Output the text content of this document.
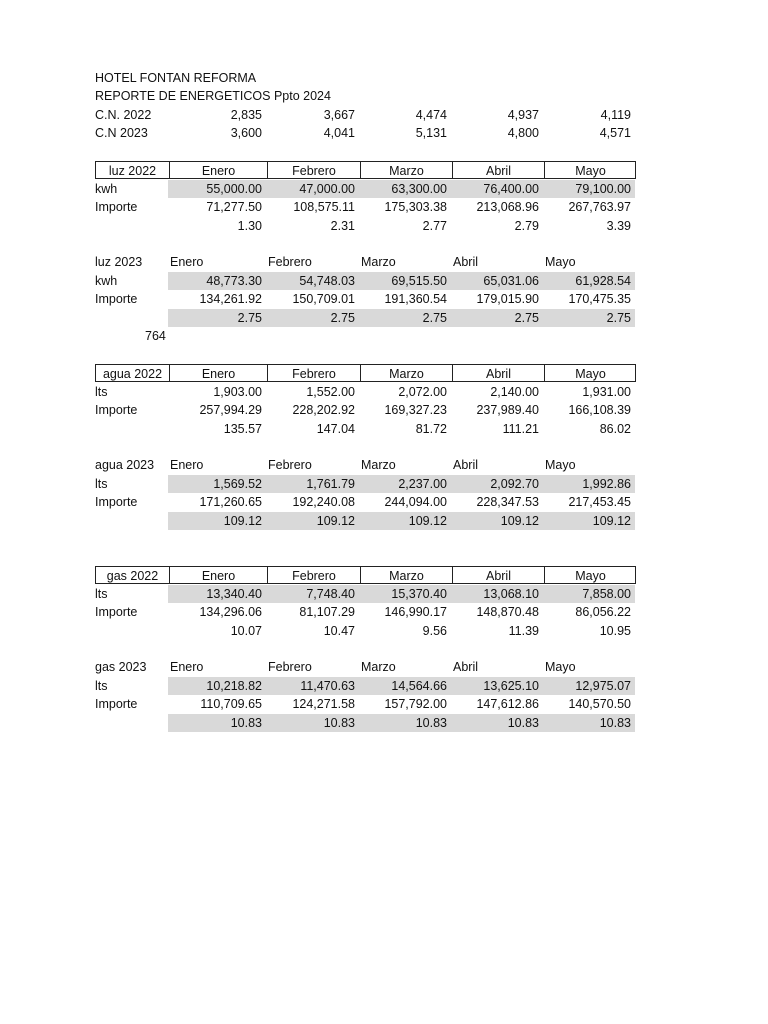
HOTEL FONTAN REFORMA
REPORTE DE ENERGETICOS Ppto 2024
C.N. 2022	2,835	3,667	4,474	4,937	4,119
C.N 2023	3,600	4,041	5,131	4,800	4,571
luz 2022	Enero	Febrero	Marzo	Abril	Mayo
kwh	55,000.00	47,000.00	63,300.00	76,400.00	79,100.00
Importe	71,277.50	108,575.11	175,303.38	213,068.96	267,763.97
1.30	2.31	2.77	2.79	3.39
luz 2023 Enero	Febrero	Marzo	Abril	Mayo
kwh	48,773.30	54,748.03	69,515.50	65,031.06	61,928.54
Importe	134,261.92	150,709.01	191,360.54	179,015.90	170,475.35
2.75	2.75	2.75	2.75	2.75
agua 2022	Enero	Febrero	Marzo	Abril	Mayo
lts	1,903.00	1,552.00	2,072.00	2,140.00	1,931.00
Importe	257,994.29	228,202.92	169,327.23	237,989.40	166,108.39
135.57	147.04	81.72	111.21	86.02
agua 2023 Enero	Febrero	Marzo	Abril	Mayo
lts	1,569.52	1,761.79	2,237.00	2,092.70	1,992.86
Importe	171,260.65	192,240.08	244,094.00	228,347.53	217,453.45
109.12	109.12	109.12	109.12	109.12
gas 2022	Enero	Febrero	Marzo	Abril	Mayo
lts	13,340.40	7,748.40	15,370.40	13,068.10	7,858.00
Importe	134,296.06	81,107.29	146,990.17	148,870.48	86,056.22
10.07	10.47	9.56	11.39	10.95
gas 2023 Enero	Febrero	Marzo	Abril	Mayo
lts	10,218.82	11,470.63	14,564.66	13,625.10	12,975.07
Importe	110,709.65	124,271.58	157,792.00	147,612.86	140,570.50
10.83	10.83	10.83	10.83	10.83
764
